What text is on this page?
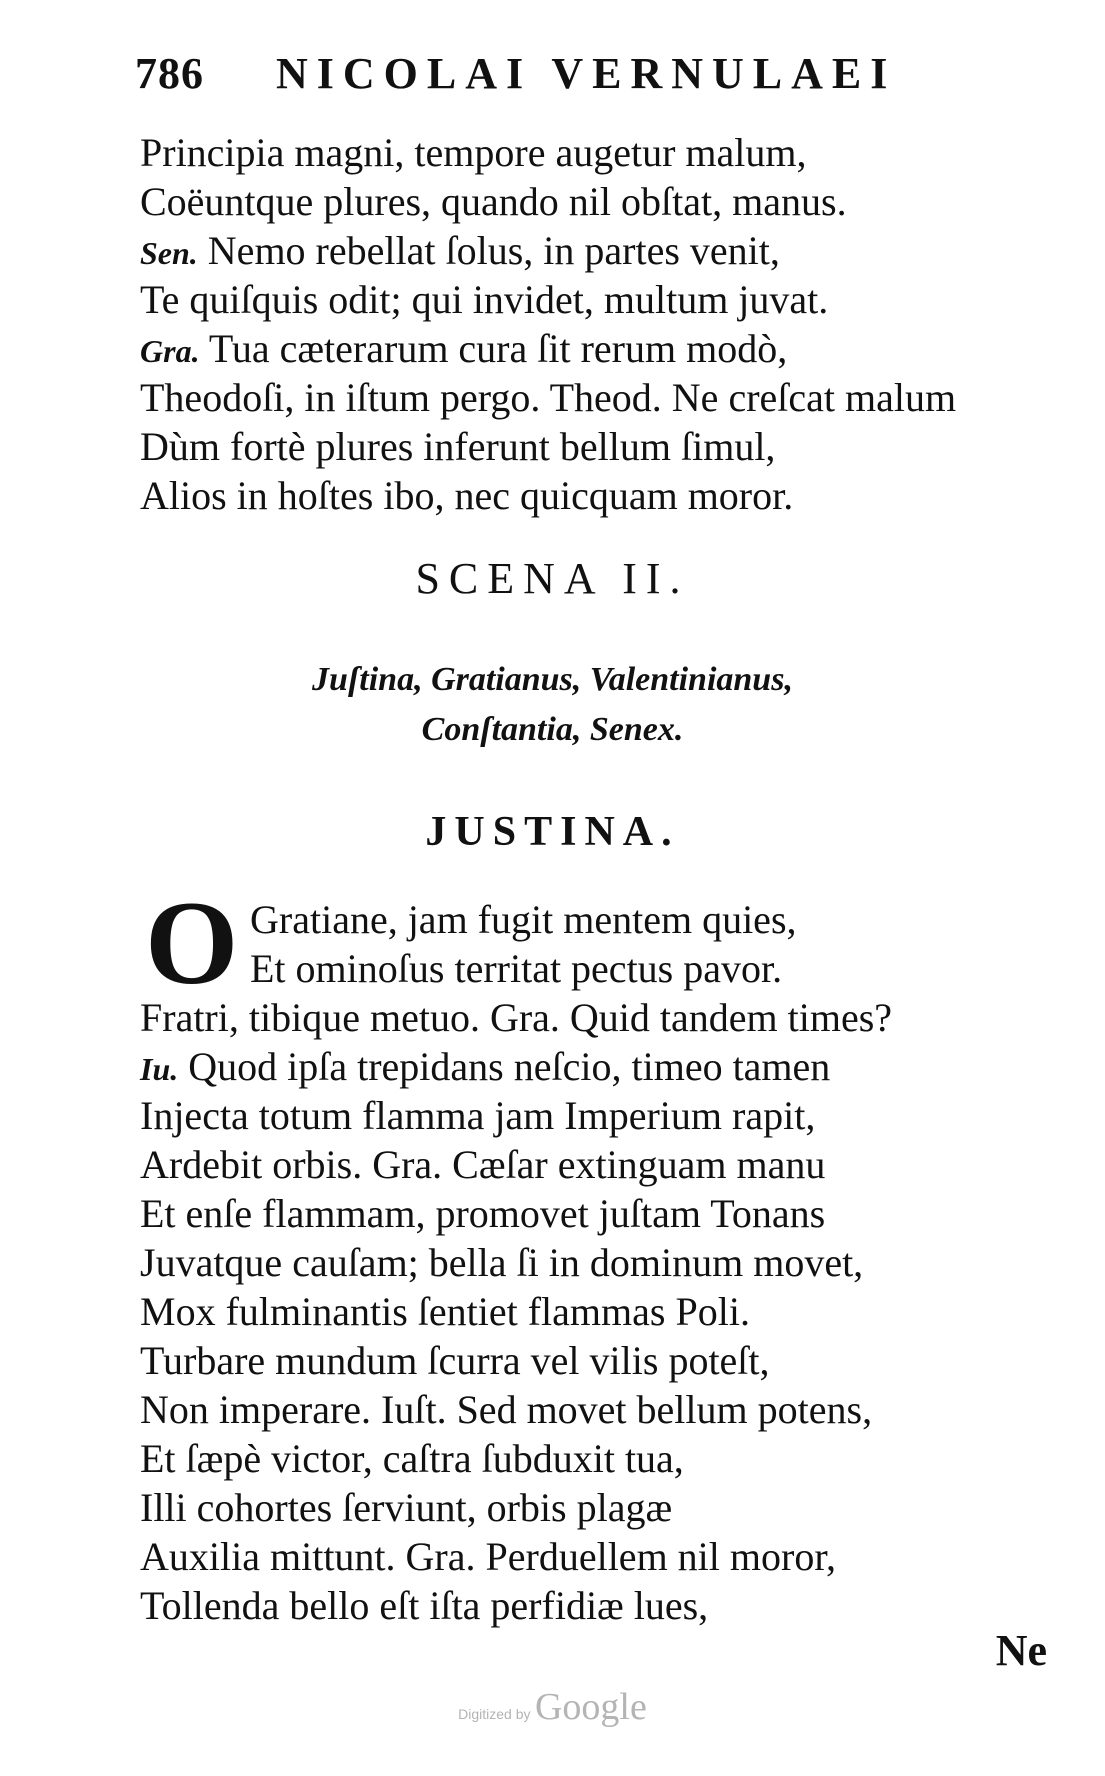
786 NICOLAI VERNULAEI
Principia magni, tempore augetur malum,
Coëuntque plures, quando nil obſtat, manus.
Sen. Nemo rebellat ſolus, in partes venit,
Te quiſquis odit; qui invidet, multum juvat.
Gra. Tua cæterarum cura ſit rerum modò,
Theodoſi, in iſtum pergo. Theod. Ne creſcat malum
Dùm fortè plures inferunt bellum ſimul,
Alios in hoſtes ibo, nec quicquam moror.
SCENA II.
Juſtina, Gratianus, Valentinianus,
Conſtantia, Senex.
JUSTINA.
O Gratiane, jam fugit mentem quies,
Et ominoſus territat pectus pavor.
Fratri, tibique metuo. Gra. Quid tandem times?
Iu. Quod ipſa trepidans neſcio, timeo tamen
Injecta totum flamma jam Imperium rapit,
Ardebit orbis. Gra. Cæſar extinguam manu
Et enſe flammam, promovet juſtam Tonans
Juvatque cauſam; bella ſi in dominum movet,
Mox fulminantis ſentiet flammas Poli.
Turbare mundum ſcurra vel vilis poteſt,
Non imperare. Iuſt. Sed movet bellum potens,
Et ſæpè victor, caſtra ſubduxit tua,
Illi cohortes ſerviunt, orbis plagæ
Auxilia mittunt. Gra. Perduellem nil moror,
Tollenda bello eſt iſta perfidiæ lues,
Ne
Digitized by Google
